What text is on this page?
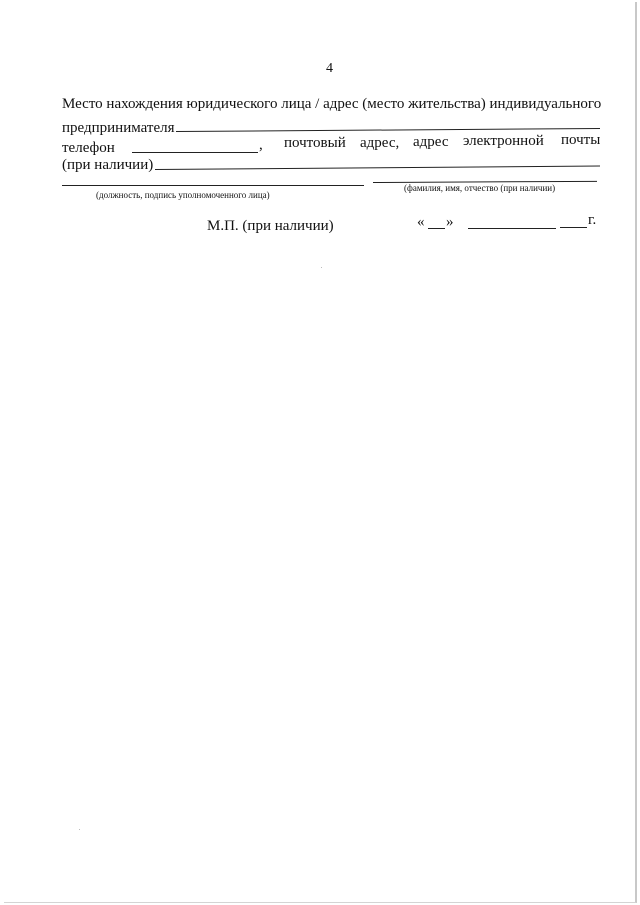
4
Место нахождения юридического лица / адрес (место жительства) индивидуального
предпринимателя
телефон	, почтовый адрес, адрес электронной почты
(при наличии)
(должность, подпись уполномоченного лица)
(фамилия, имя, отчество (при наличии)
М.П. (при наличии)	« »	г.
